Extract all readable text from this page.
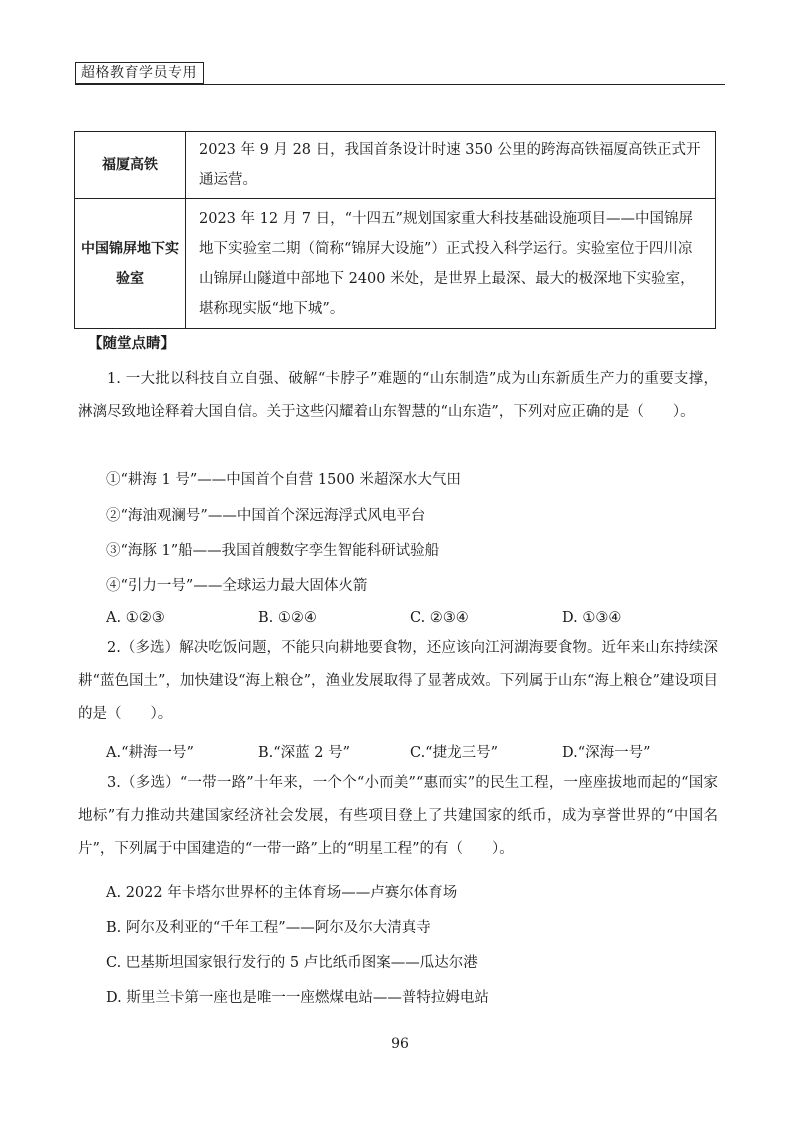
超格教育学员专用
福厦高铁	2023 年 9 月 28 日，我国首条设计时速 350 公里的跨海高铁福厦高铁正式开通运营。
中国锦屏地下实验室	2023 年 12 月 7 日，“十四五”规划国家重大科技基础设施项目——中国锦屏地下实验室二期（简称“锦屏大设施”）正式投入科学运行。实验室位于四川凉山锦屏山隧道中部地下 2400 米处，是世界上最深、最大的极深地下实验室，堪称现实版“地下城”。
【随堂点睛】
1. 一大批以科技自立自强、破解“卡脖子”难题的“山东制造”成为山东新质生产力的重要支撑，淋漓尽致地诠释着大国自信。关于这些闪耀着山东智慧的“山东造”，下列对应正确的是（　　）。
①“耕海 1 号”——中国首个自营 1500 米超深水大气田
②“海油观澜号”——中国首个深远海浮式风电平台
③“海豚 1”船——我国首艘数字孪生智能科研试验船
④“引力一号”——全球运力最大固体火箭
A. ①②③	B. ①②④	C. ②③④	D. ①③④
2.（多选）解决吃饭问题，不能只向耕地要食物，还应该向江河湖海要食物。近年来山东持续深耕“蓝色国土”，加快建设“海上粮仓”，渔业发展取得了显著成效。下列属于山东“海上粮仓”建设项目的是（　　）。
A.“耕海一号”	B.“深蓝 2 号”	C.“捷龙三号”	D.“深海一号”
3.（多选）“一带一路”十年来，一个个“小而美”“惠而实”的民生工程，一座座拔地而起的“国家地标”有力推动共建国家经济社会发展，有些项目登上了共建国家的纸币，成为享誉世界的“中国名片”，下列属于中国建造的“一带一路”上的“明星工程”的有（　　）。
A. 2022 年卡塔尔世界杯的主体育场——卢赛尔体育场
B. 阿尔及利亚的“千年工程”——阿尔及尔大清真寺
C. 巴基斯坦国家银行发行的 5 卢比纸币图案——瓜达尔港
D. 斯里兰卡第一座也是唯一一座燃煤电站——普特拉姆电站
96
